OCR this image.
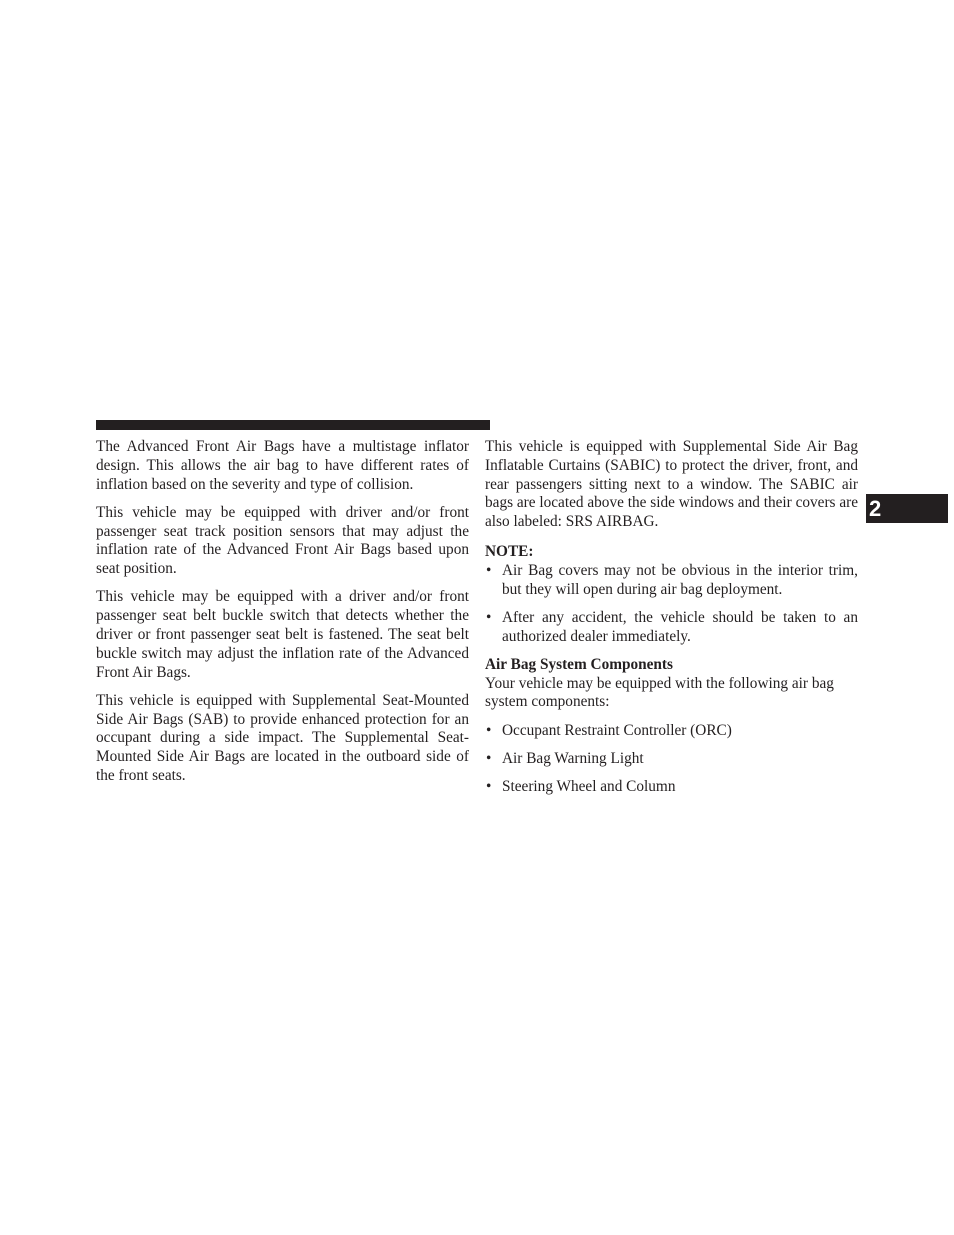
The Advanced Front Air Bags have a multistage inflator design. This allows the air bag to have different rates of inflation based on the severity and type of collision.

This vehicle may be equipped with driver and/or front passenger seat track position sensors that may adjust the inflation rate of the Advanced Front Air Bags based upon seat position.

This vehicle may be equipped with a driver and/or front passenger seat belt buckle switch that detects whether the driver or front passenger seat belt is fastened. The seat belt buckle switch may adjust the inflation rate of the Advanced Front Air Bags.

This vehicle is equipped with Supplemental Seat-Mounted Side Air Bags (SAB) to provide enhanced protection for an occupant during a side impact. The Supplemental Seat-Mounted Side Air Bags are located in the outboard side of the front seats.

This vehicle is equipped with Supplemental Side Air Bag Inflatable Curtains (SABIC) to protect the driver, front, and rear passengers sitting next to a window. The SABIC air bags are located above the side windows and their covers are also labeled: SRS AIRBAG.

NOTE:

• Air Bag covers may not be obvious in the interior trim, but they will open during air bag deployment.
• After any accident, the vehicle should be taken to an authorized dealer immediately.

Air Bag System Components

Your vehicle may be equipped with the following air bag system components:

• Occupant Restraint Controller (ORC)
• Air Bag Warning Light
• Steering Wheel and Column
2
